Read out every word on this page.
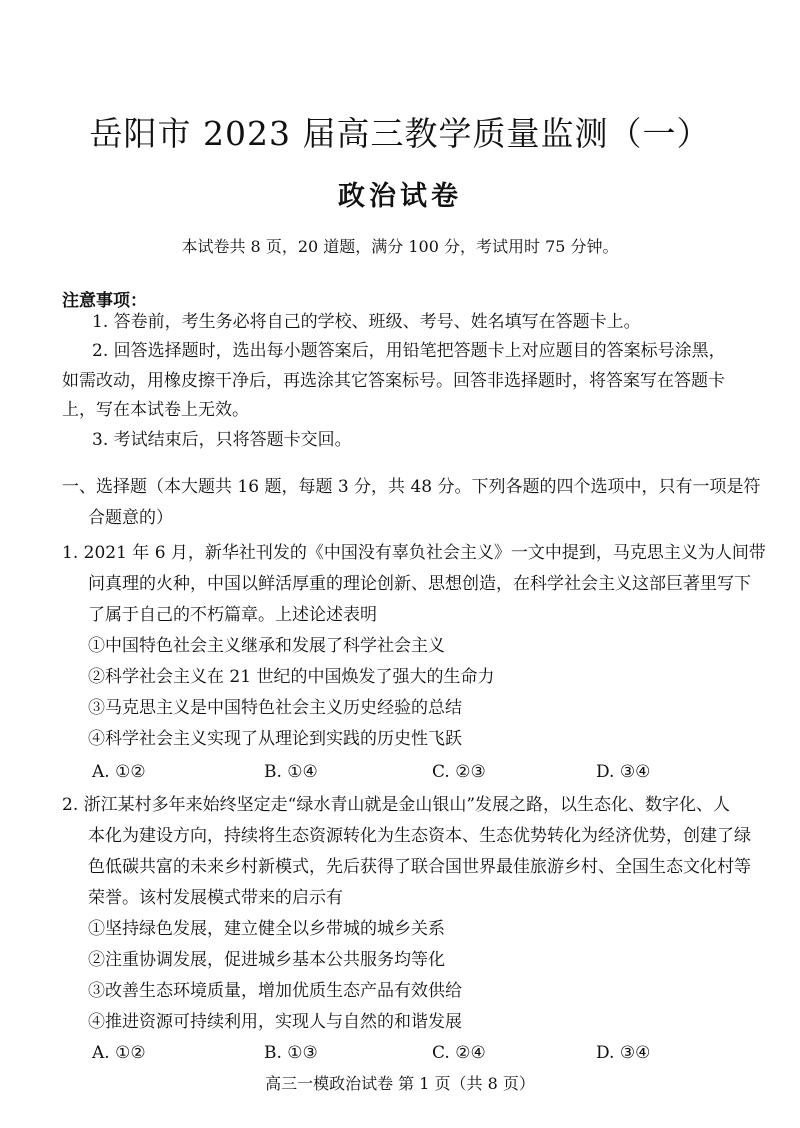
岳阳市 2023 届高三教学质量监测（一）
政治试卷
本试卷共 8 页，20 道题，满分 100 分，考试用时 75 分钟。
注意事项：
1. 答卷前，考生务必将自己的学校、班级、考号、姓名填写在答题卡上。
2. 回答选择题时，选出每小题答案后，用铅笔把答题卡上对应题目的答案标号涂黑，
如需改动，用橡皮擦干净后，再选涂其它答案标号。回答非选择题时，将答案写在答题卡
上，写在本试卷上无效。
3. 考试结束后，只将答题卡交回。
一、选择题（本大题共 16 题，每题 3 分，共 48 分。下列各题的四个选项中，只有一项是符
合题意的）
1. 2021 年 6 月，新华社刊发的《中国没有辜负社会主义》一文中提到，马克思主义为人间带
问真理的火种，中国以鲜活厚重的理论创新、思想创造，在科学社会主义这部巨著里写下
了属于自己的不朽篇章。上述论述表明
①中国特色社会主义继承和发展了科学社会主义
②科学社会主义在 21 世纪的中国焕发了强大的生命力
③马克思主义是中国特色社会主义历史经验的总结
④科学社会主义实现了从理论到实践的历史性飞跃
A. ①②	B. ①④	C. ②③	D. ③④
2. 浙江某村多年来始终坚定走“绿水青山就是金山银山”发展之路，以生态化、数字化、人
本化为建设方向，持续将生态资源转化为生态资本、生态优势转化为经济优势，创建了绿
色低碳共富的未来乡村新模式，先后获得了联合国世界最佳旅游乡村、全国生态文化村等
荣誉。该村发展模式带来的启示有
①坚持绿色发展，建立健全以乡带城的城乡关系
②注重协调发展，促进城乡基本公共服务均等化
③改善生态环境质量，增加优质生态产品有效供给
④推进资源可持续利用，实现人与自然的和谐发展
A. ①②	B. ①③	C. ②④	D. ③④
高三一模政治试卷 第 1 页（共 8 页）
